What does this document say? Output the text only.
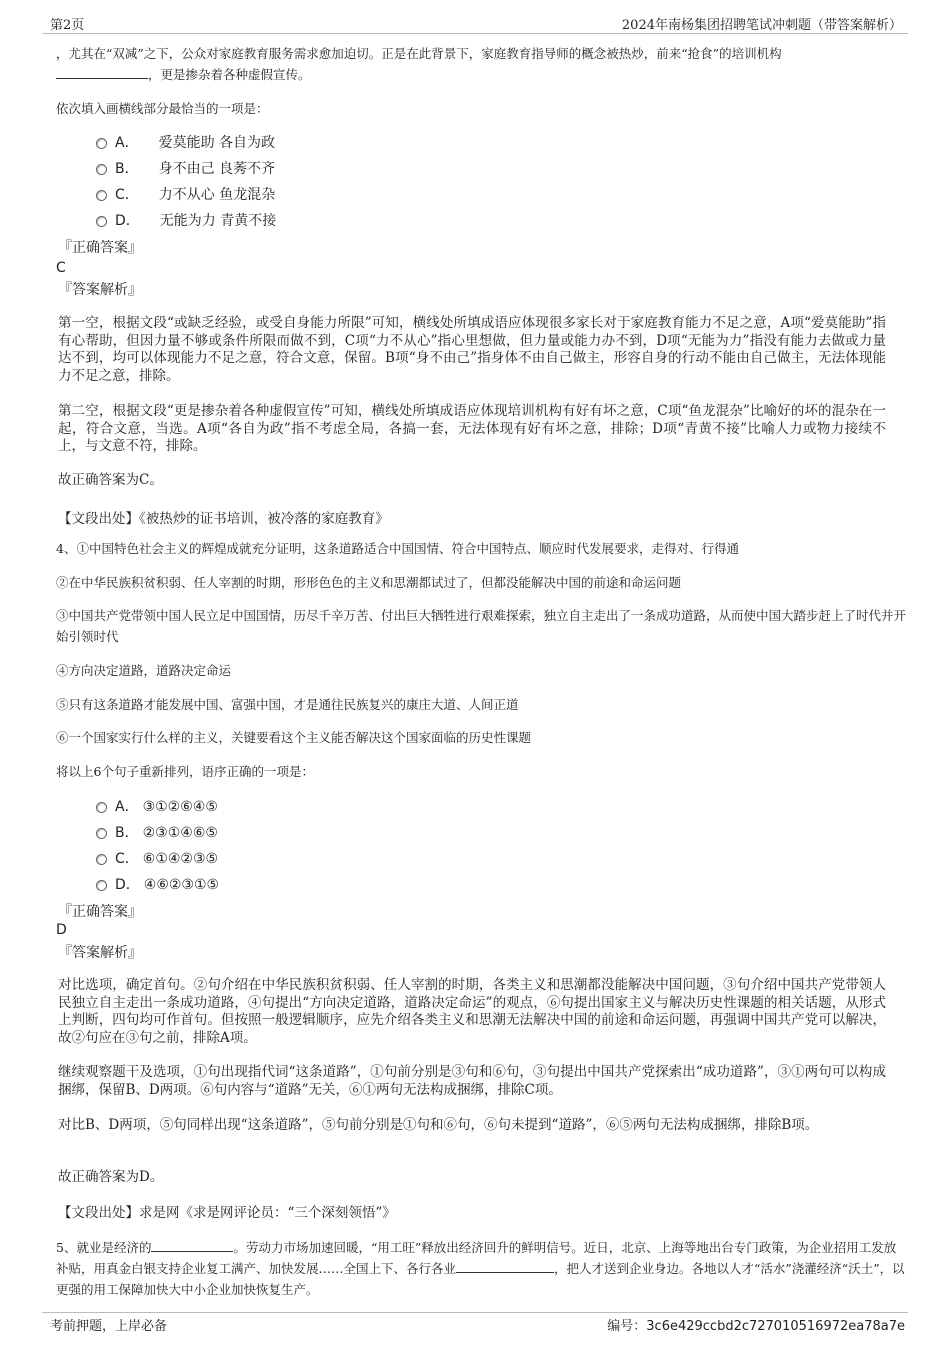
第2页	2024年南杨集团招聘笔试冲刺题（带答案解析）

，尤其在“双减”之下，公众对家庭教育服务需求愈加迫切。正是在此背景下，家庭教育指导师的概念被热炒，前来“抢食”的培训机构
，更是掺杂着各种虚假宣传。

依次填入画横线部分最恰当的一项是：

A． 爱莫能助 各自为政
B． 身不由己 良莠不齐
C． 力不从心 鱼龙混杂
D． 无能为力 青黄不接

『正确答案』

C

『答案解析』

第一空，根据文段“或缺乏经验，或受自身能力所限”可知，横线处所填成语应体现很多家长对于家庭教育能力不足之意，A项“爱莫能助”指有心帮助，但因力量不够或条件所限而做不到，C项“力不从心”指心里想做，但力量或能力办不到，D项“无能为力”指没有能力去做或力量达不到，均可以体现能力不足之意，符合文意，保留。B项“身不由己”指身体不由自己做主，形容自身的行动不能由自己做主，无法体现能力不足之意，排除。

第二空，根据文段“更是掺杂着各种虚假宣传”可知，横线处所填成语应体现培训机构有好有坏之意，C项“鱼龙混杂”比喻好的坏的混杂在一起，符合文意，当选。A项“各自为政”指不考虑全局，各搞一套，无法体现有好有坏之意，排除；D项“青黄不接”比喻人力或物力接续不上，与文意不符，排除。

故正确答案为C。

【文段出处】《被热炒的证书培训，被冷落的家庭教育》

4、①中国特色社会主义的辉煌成就充分证明，这条道路适合中国国情、符合中国特点、顺应时代发展要求，走得对、行得通

②在中华民族积贫积弱、任人宰割的时期，形形色色的主义和思潮都试过了，但都没能解决中国的前途和命运问题

③中国共产党带领中国人民立足中国国情，历尽千辛万苦、付出巨大牺牲进行艰难探索，独立自主走出了一条成功道路，从而使中国大踏步赶上了时代并开始引领时代

④方向决定道路，道路决定命运

⑤只有这条道路才能发展中国、富强中国，才是通往民族复兴的康庄大道、人间正道

⑥一个国家实行什么样的主义，关键要看这个主义能否解决这个国家面临的历史性课题

将以上6个句子重新排列，语序正确的一项是：

A． ③①②⑥④⑤
B． ②③①④⑥⑤
C． ⑥①④②③⑤
D． ④⑥②③①⑤

『正确答案』

D

『答案解析』

对比选项，确定首句。②句介绍在中华民族积贫积弱、任人宰割的时期，各类主义和思潮都没能解决中国问题，③句介绍中国共产党带领人民独立自主走出一条成功道路，④句提出“方向决定道路，道路决定命运”的观点，⑥句提出国家主义与解决历史性课题的相关话题，从形式上判断，四句均可作首句。但按照一般逻辑顺序，应先介绍各类主义和思潮无法解决中国的前途和命运问题，再强调中国共产党可以解决，故②句应在③句之前，排除A项。

继续观察题干及选项，①句出现指代词“这条道路”，①句前分别是③句和⑥句，③句提出中国共产党探索出“成功道路”，③①两句可以构成捆绑，保留B、D两项。⑥句内容与“道路”无关，⑥①两句无法构成捆绑，排除C项。

对比B、D两项，⑤句同样出现“这条道路”，⑤句前分别是①句和⑥句，⑥句未提到“道路”，⑥⑤两句无法构成捆绑，排除B项。

故正确答案为D。

【文段出处】求是网《求是网评论员：“三个深刻领悟”》

5、就业是经济的	。劳动力市场加速回暖，“用工旺”释放出经济回升的鲜明信号。近日，北京、上海等地出台专门政策，为企业招用工发放补贴，用真金白银支持企业复工满产、加快发展……全国上下、各行各业	，把人才送到企业身边。各地以人才“活水”浇灌经济“沃土”，以更强的用工保障加快大中小企业加快恢复生产。

考前押题，上岸必备	编号：3c6e429ccbd2c727010516972ea78a7e
